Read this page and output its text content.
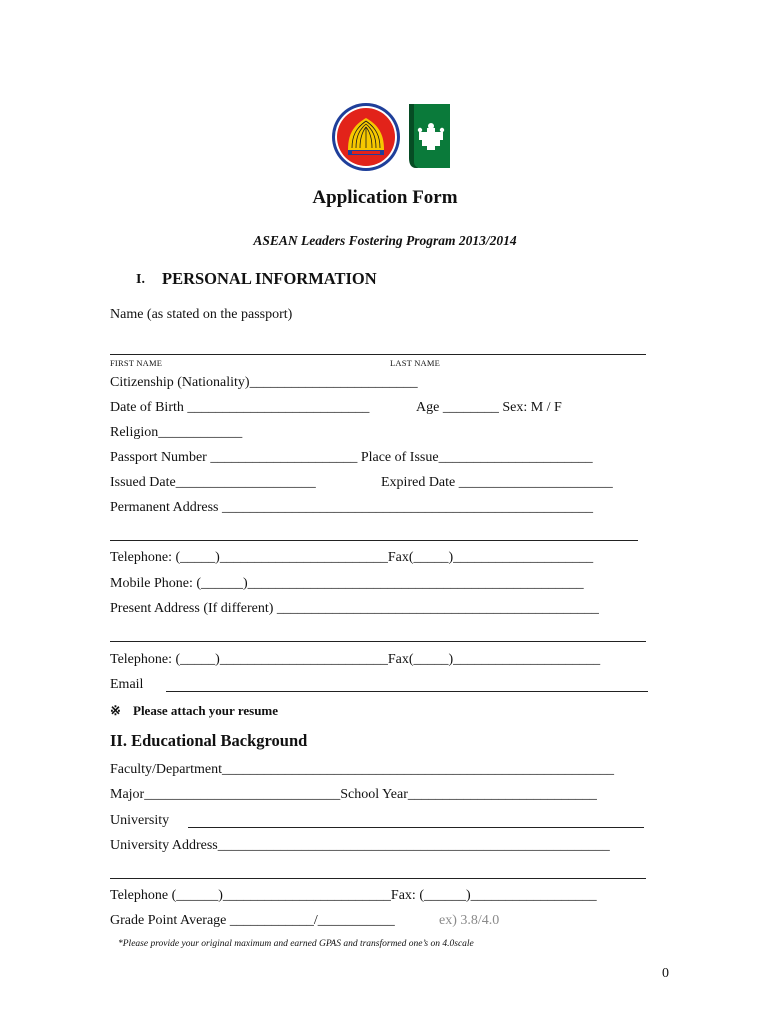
Application Form
ASEAN Leaders Fostering Program 2013/2014
I. PERSONAL INFORMATION
Name (as stated on the passport)
FIRST NAME	LAST NAME
Citizenship (Nationality)________________________
Date of Birth __________________________	Age ________ Sex: M / F
Religion____________
Passport Number _____________________ Place of Issue______________________
Issued Date____________________	Expired Date ______________________
Permanent Address _____________________________________________________
Telephone: (_____)________________________Fax(_____)____________________
Mobile Phone: (______)________________________________________________
Present Address (If different) ______________________________________________
Telephone: (_____)________________________Fax(_____)_____________________
Email
※ Please attach your resume
II. Educational Background
Faculty/Department________________________________________________________
Major____________________________School Year___________________________
University
University Address________________________________________________________
Telephone (______)________________________Fax: (______)__________________
Grade Point Average ____________/___________	ex) 3.8/4.0
*Please provide your original maximum and earned GPAS and transformed one’s on 4.0scale
0
